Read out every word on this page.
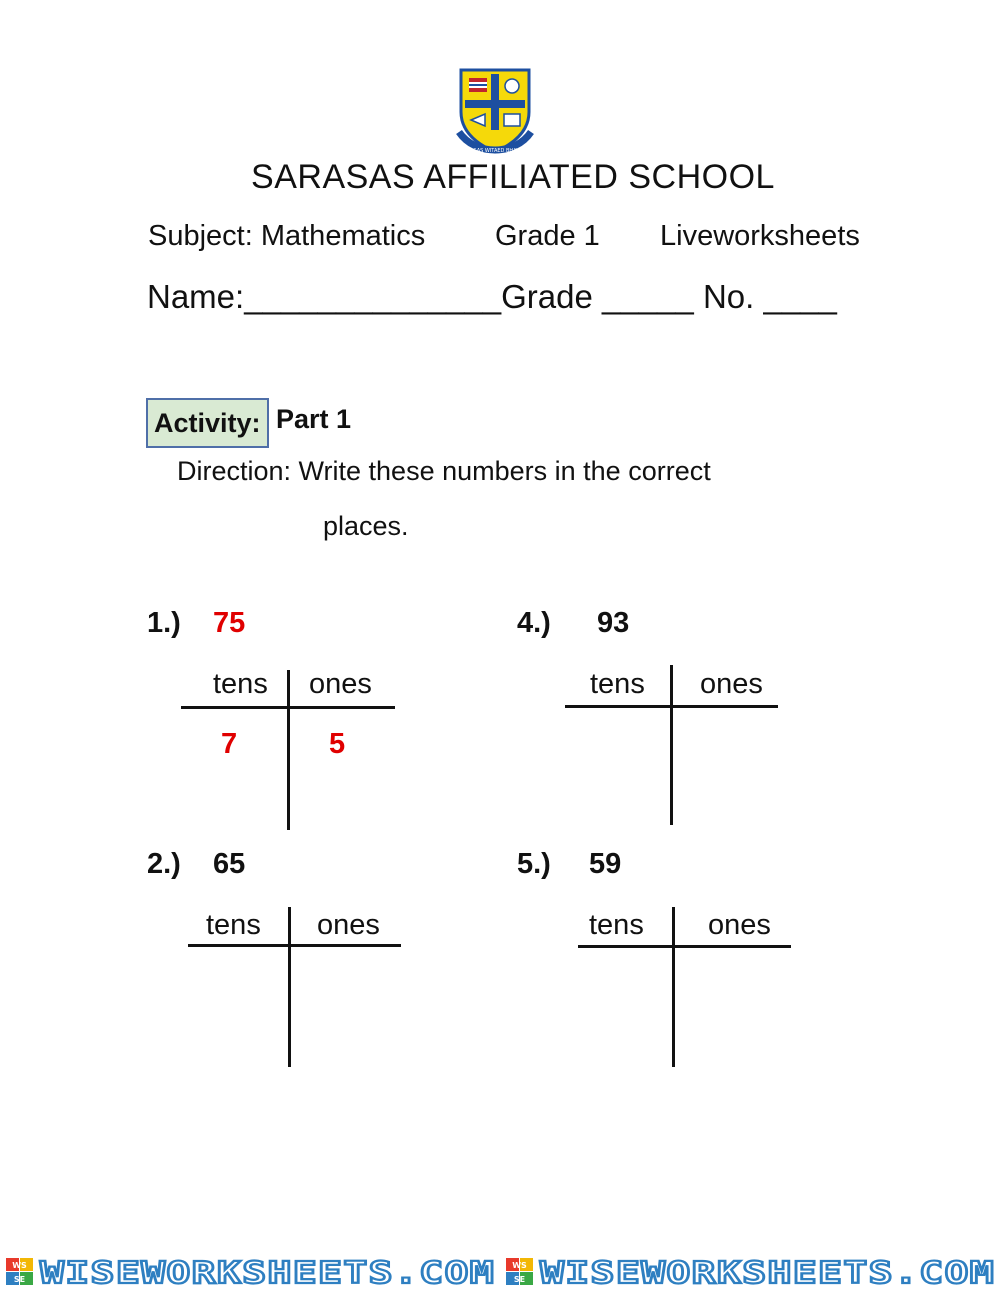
SARASAS WITAED BHAVANA
SARASAS AFFILIATED SCHOOL
Subject: Mathematics Grade 1 Liveworksheets
Name:______________Grade _____ No. ____
Activity: Part 1
Direction: Write these numbers in the correct
places.
1.) 75
tens ones
7	5
4.) 93
tens ones
2.) 65
tens ones
5.) 59
tens ones
WS
SE WISEWORKSHEETS.COM WS
SE WISEWORKSHEETS.COM
